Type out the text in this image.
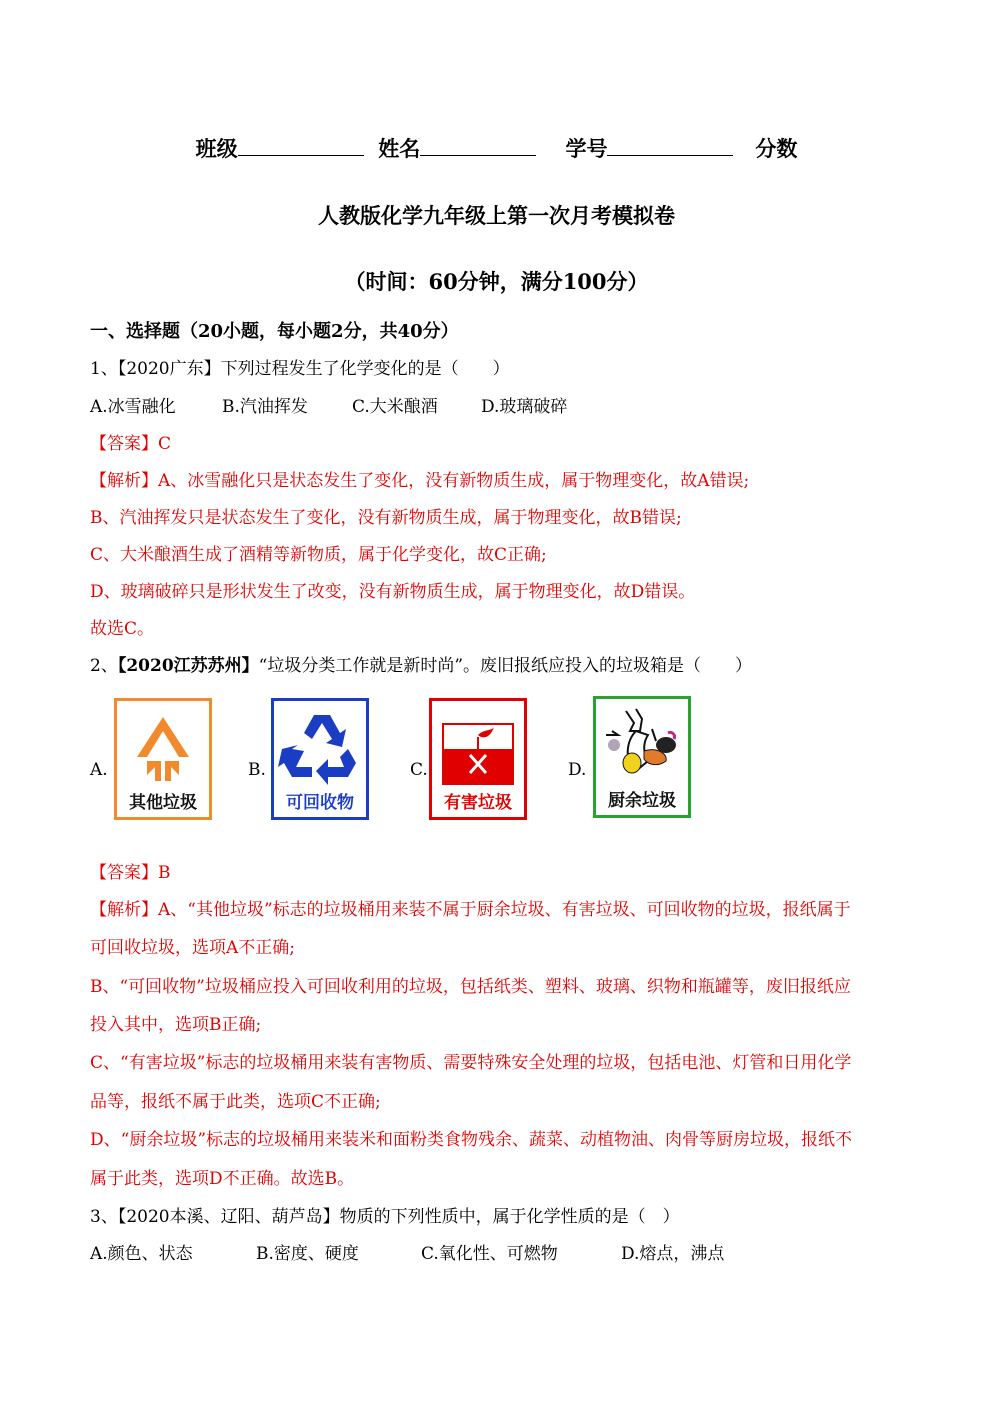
班级	姓名	学号	分数
人教版化学九年级上第一次月考模拟卷
（时间：60分钟，满分100分）
一、选择题（20小题，每小题2分，共40分）
1、【2020广东】下列过程发生了化学变化的是（　　）
A.冰雪融化	B.汽油挥发	C.大米酿酒	D.玻璃破碎
【答案】C
【解析】A、冰雪融化只是状态发生了变化，没有新物质生成，属于物理变化，故A错误;
B、汽油挥发只是状态发生了变化，没有新物质生成，属于物理变化，故B错误;
C、大米酿酒生成了酒精等新物质，属于化学变化，故C正确;
D、玻璃破碎只是形状发生了改变，没有新物质生成，属于物理变化，故D错误。
故选C。
2、【2020江苏苏州】“垃圾分类工作就是新时尚”。废旧报纸应投入的垃圾箱是（　　）
A.	B.	C.	D.
其他垃圾	可回收物	有害垃圾	厨余垃圾
【答案】B
【解析】A、“其他垃圾”标志的垃圾桶用来装不属于厨余垃圾、有害垃圾、可回收物的垃圾，报纸属于
可回收垃圾，选项A不正确;
B、“可回收物”垃圾桶应投入可回收利用的垃圾，包括纸类、塑料、玻璃、织物和瓶罐等，废旧报纸应
投入其中，选项B正确;
C、“有害垃圾”标志的垃圾桶用来装有害物质、需要特殊安全处理的垃圾，包括电池、灯管和日用化学
品等，报纸不属于此类，选项C不正确;
D、“厨余垃圾”标志的垃圾桶用来装米和面粉类食物残余、蔬菜、动植物油、肉骨等厨房垃圾，报纸不
属于此类，选项D不正确。故选B。
3、【2020本溪、辽阳、葫芦岛】物质的下列性质中，属于化学性质的是（　）
A.颜色、状态	B.密度、硬度	C.氧化性、可燃物	D.熔点，沸点
